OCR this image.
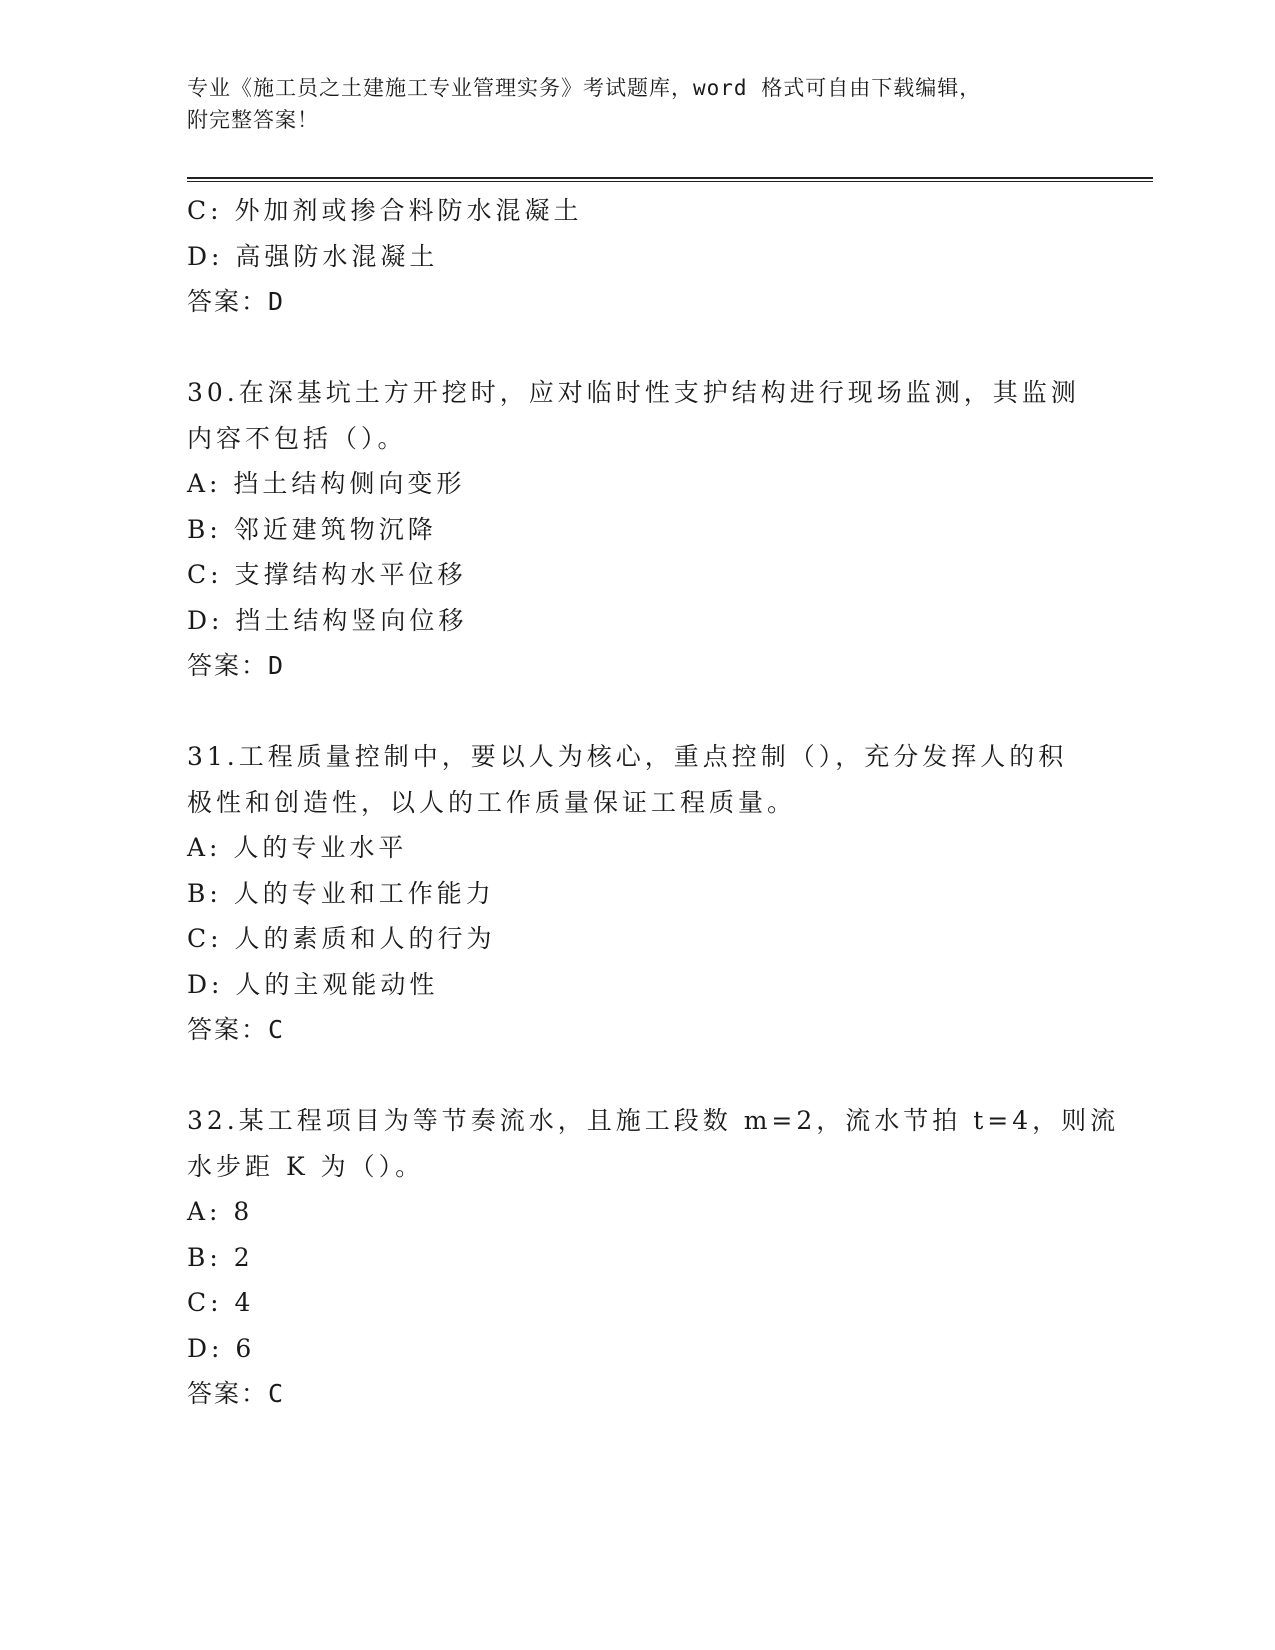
专业《施工员之土建施工专业管理实务》考试题库，word 格式可自由下载编辑，
附完整答案！
C: 外加剂或掺合料防水混凝土
D: 高强防水混凝土
答案：D
30.在深基坑土方开挖时，应对临时性支护结构进行现场监测，其监测
内容不包括（）。
A: 挡土结构侧向变形
B: 邻近建筑物沉降
C: 支撑结构水平位移
D: 挡土结构竖向位移
答案：D
31.工程质量控制中，要以人为核心，重点控制（），充分发挥人的积
极性和创造性，以人的工作质量保证工程质量。
A: 人的专业水平
B: 人的专业和工作能力
C: 人的素质和人的行为
D: 人的主观能动性
答案：C
32.某工程项目为等节奏流水，且施工段数 m=2，流水节拍 t=4，则流
水步距 K 为（）。
A: 8
B: 2
C: 4
D: 6
答案：C
